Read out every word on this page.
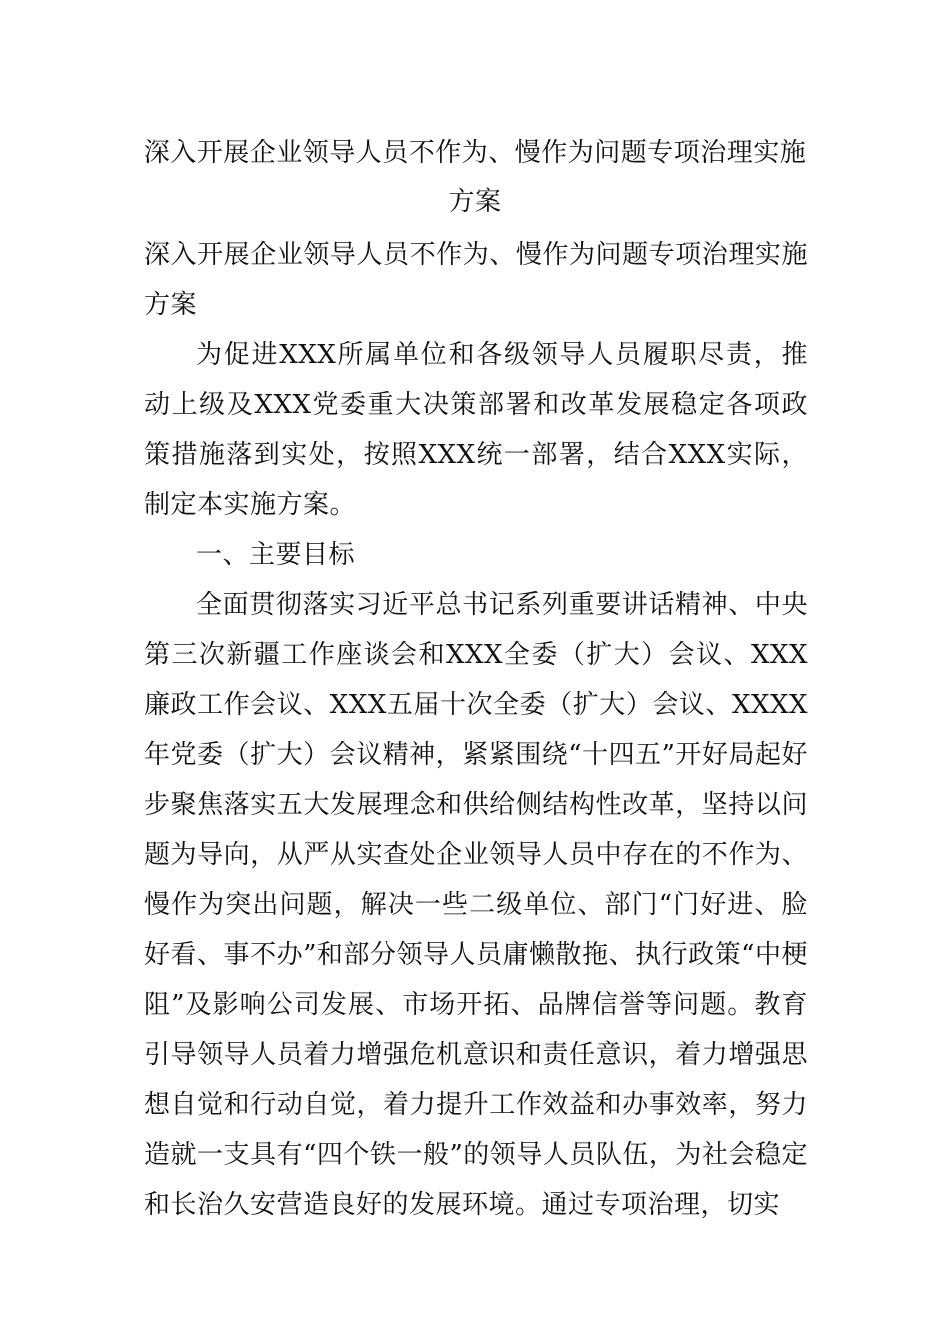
深入开展企业领导人员不作为、慢作为问题专项治理实施
方案

深入开展企业领导人员不作为、慢作为问题专项治理实施方案

为促进XXX所属单位和各级领导人员履职尽责，推动上级及XXX党委重大决策部署和改革发展稳定各项政策措施落到实处，按照XXX统一部署，结合XXX实际，制定本实施方案。

一、主要目标

全面贯彻落实习近平总书记系列重要讲话精神、中央第三次新疆工作座谈会和XXX全委（扩大）会议、XXX廉政工作会议、XXX五届十次全委（扩大）会议、XXXX年党委（扩大）会议精神，紧紧围绕“十四五”开好局起好步聚焦落实五大发展理念和供给侧结构性改革，坚持以问题为导向，从严从实查处企业领导人员中存在的不作为、慢作为突出问题，解决一些二级单位、部门“门好进、脸好看、事不办”和部分领导人员庸懒散拖、执行政策“中梗阻”及影响公司发展、市场开拓、品牌信誉等问题。教育引导领导人员着力增强危机意识和责任意识，着力增强思想自觉和行动自觉，着力提升工作效益和办事效率，努力造就一支具有“四个铁一般”的领导人员队伍，为社会稳定和长治久安营造良好的发展环境。通过专项治理，切实
